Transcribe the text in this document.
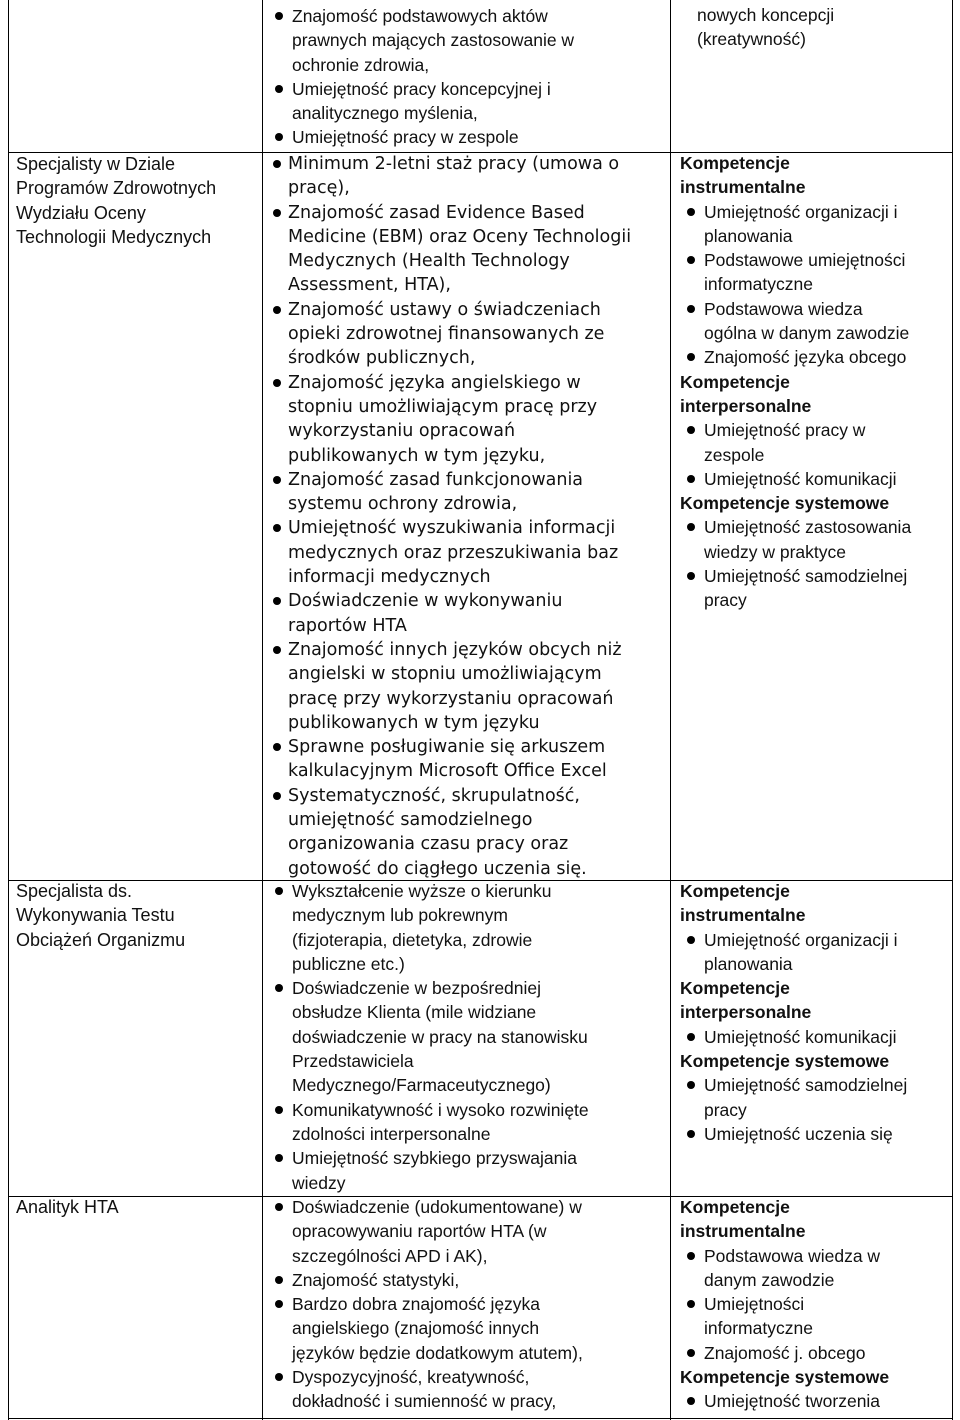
Specjalisty w Dziale
Programów Zdrowotnych
Wydziału Oceny
Technologii Medycznych
Specjalista ds.
Wykonywania Testu
Obciążeń Organizmu
Analityk HTA
Znajomość podstawowych aktów
prawnych mających zastosowanie w
ochronie zdrowia,
Umiejętność pracy koncepcyjnej i
analitycznego myślenia,
Umiejętność pracy w zespole
Minimum 2-letni staż pracy (umowa o
pracę),
Znajomość zasad Evidence Based
Medicine (EBM) oraz Oceny Technologii
Medycznych (Health Technology
Assessment, HTA),
Znajomość ustawy o świadczeniach
opieki zdrowotnej finansowanych ze
środków publicznych,
Znajomość języka angielskiego w
stopniu umożliwiającym pracę przy
wykorzystaniu opracowań
publikowanych w tym języku,
Znajomość zasad funkcjonowania
systemu ochrony zdrowia,
Umiejętność wyszukiwania informacji
medycznych oraz przeszukiwania baz
informacji medycznych
Doświadczenie w wykonywaniu
raportów HTA
Znajomość innych języków obcych niż
angielski w stopniu umożliwiającym
pracę przy wykorzystaniu opracowań
publikowanych w tym języku
Sprawne posługiwanie się arkuszem
kalkulacyjnym Microsoft Office Excel
Systematyczność, skrupulatność,
umiejętność samodzielnego
organizowania czasu pracy oraz
gotowość do ciągłego uczenia się.
Wykształcenie wyższe o kierunku
medycznym lub pokrewnym
(fizjoterapia, dietetyka, zdrowie
publiczne etc.)
Doświadczenie w bezpośredniej
obsłudze Klienta (mile widziane
doświadczenie w pracy na stanowisku
Przedstawiciela
Medycznego/Farmaceutycznego)
Komunikatywność i wysoko rozwinięte
zdolności interpersonalne
Umiejętność szybkiego przyswajania
wiedzy
Doświadczenie (udokumentowane) w
opracowywaniu raportów HTA (w
szczególności APD i AK),
Znajomość statystyki,
Bardzo dobra znajomość języka
angielskiego (znajomość innych
języków będzie dodatkowym atutem),
Dyspozycyjność, kreatywność,
dokładność i sumienność w pracy,
nowych koncepcji
(kreatywność)
Kompetencje
instrumentalne
Umiejętność organizacji i
planowania
Podstawowe umiejętności
informatyczne
Podstawowa wiedza
ogólna w danym zawodzie
Znajomość języka obcego
Kompetencje
interpersonalne
Umiejętność pracy w
zespole
Umiejętność komunikacji
Kompetencje systemowe
Umiejętność zastosowania
wiedzy w praktyce
Umiejętność samodzielnej
pracy
Kompetencje
instrumentalne
Umiejętność organizacji i
planowania
Kompetencje
interpersonalne
Umiejętność komunikacji
Kompetencje systemowe
Umiejętność samodzielnej
pracy
Umiejętność uczenia się
Kompetencje
instrumentalne
Podstawowa wiedza w
danym zawodzie
Umiejętności
informatyczne
Znajomość j. obcego
Kompetencje systemowe
Umiejętność tworzenia
